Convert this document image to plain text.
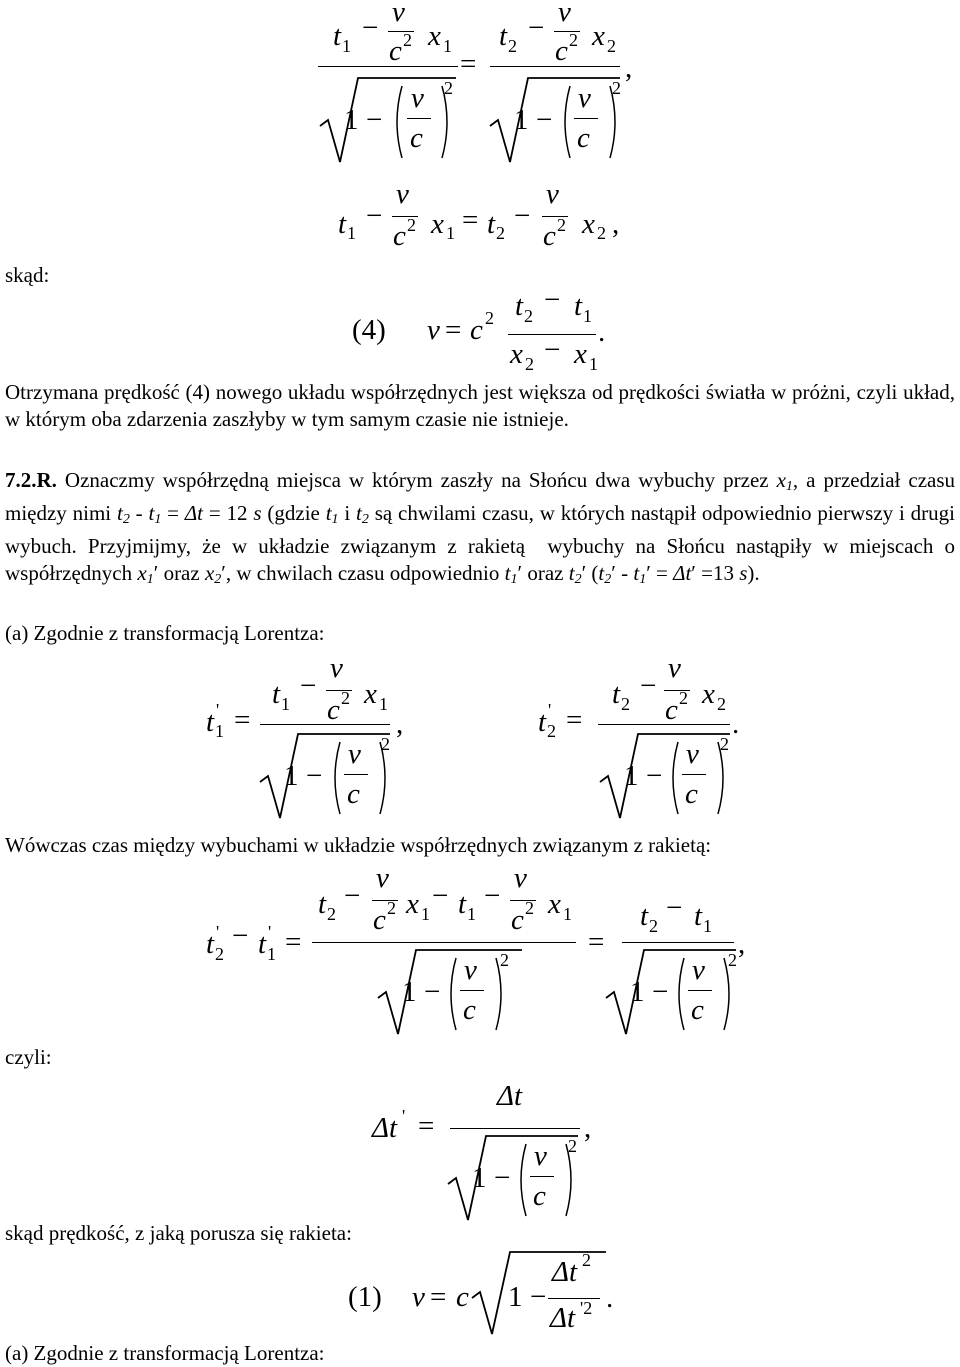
t 1
− v
c 2 x 1
1 −
v
c
2
=
t 2
− v
c 2 x 2
1 −
v
c
2
,
t 1
−
v
c 2 x 1 = t 2
−
v
c 2 x 2 ,
skąd:
(4) v = c 2 t 2 − t 1
x 2 − x 1
.
Otrzymana prędkość (4) nowego układu współrzędnych jest większa od prędkości światła w próżni, czyli układ, w którym oba zdarzenia zaszłyby w tym samym czasie nie istnieje.
7.2.R. Oznaczmy współrzędną miejsca w którym zaszły na Słońcu dwa wybuchy przez $x_1$, a przedział czasu między nimi $t_2 - t_1 = \Delta t = 12$ s (gdzie $t_1$ i $t_2$ są chwilami czasu, w których nastąpił odpowiednio pierwszy i drugi wybuch. Przyjmijmy, że w układzie związanym z rakietą  wybuchy na Słońcu nastąpiły w miejscach o współrzędnych $x_1'$ oraz $x_2'$, w chwilach czasu odpowiednio $t_1'$ oraz $t_2'$ ($t_2' - t_1' = \Delta t' =13$ s).
(a) Zgodnie z transformacją Lorentza:
t '
1 =
t 1
−
v
c 2 x 1
1 −
v
c
2
,	t '
2 =
t 2
−
v
c 2 x 2
1 −
v
c
2
.
Wówczas czas między wybuchami w układzie współrzędnych związanym z rakietą:
t '
2
− t '
1 =
t 2
−
v
c 2 x 1
− t 1
−
v
c 2 x 1
1 −
v
c
2
=
t 2
− t 1
1 −
v
c
2 ,
czyli:
Δt ' =
Δt
1 −
v
c
2
,
skąd prędkość, z jaką porusza się rakieta:
(1) v = c 1 −
Δt 2
Δt '2 .
(a) Zgodnie z transformacją Lorentza:
